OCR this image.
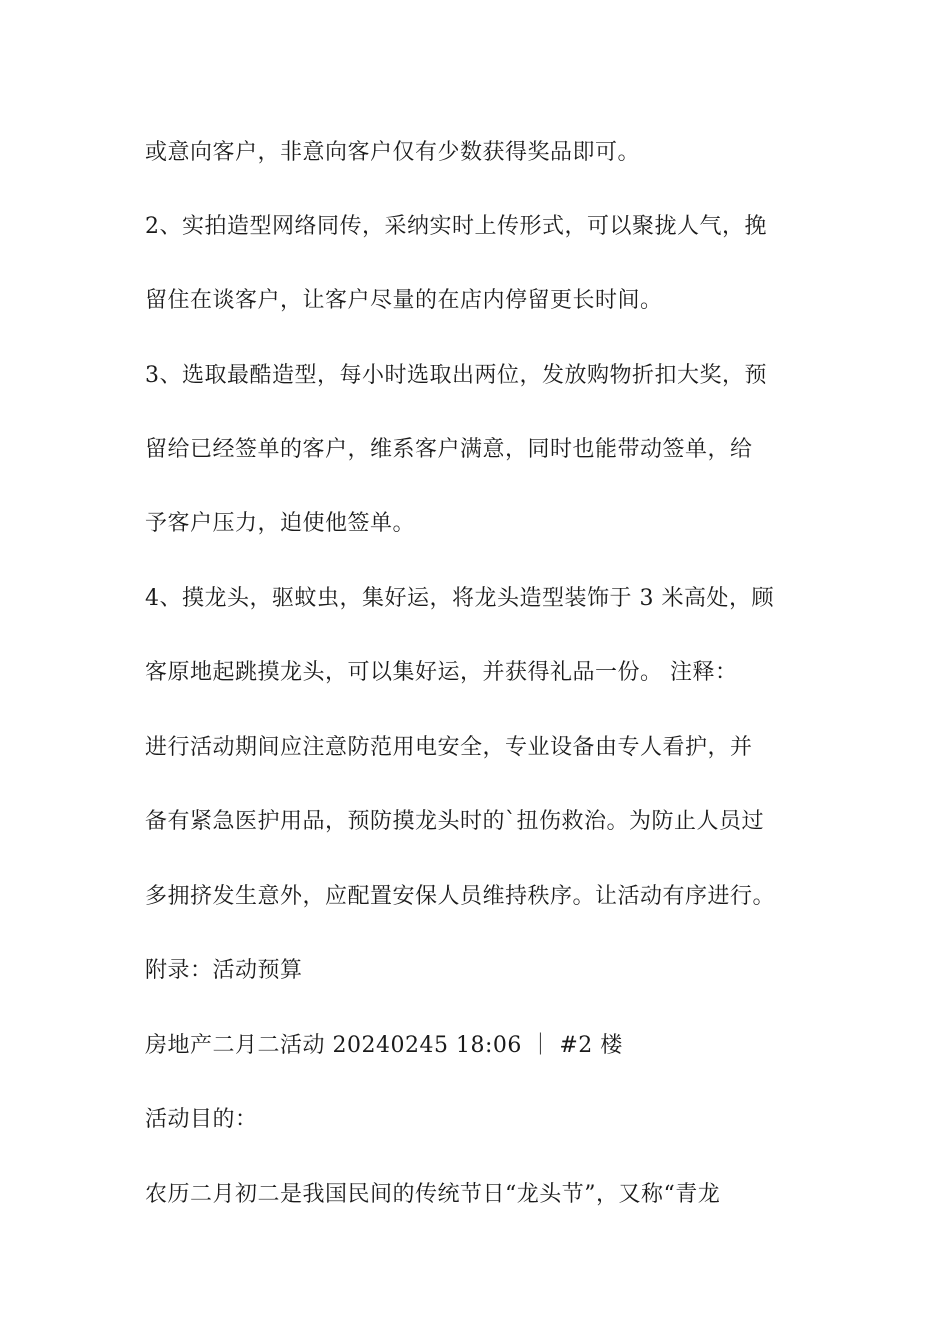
或意向客户，非意向客户仅有少数获得奖品即可。
2、实拍造型网络同传，采纳实时上传形式，可以聚拢人气，挽
留住在谈客户，让客户尽量的在店内停留更长时间。
3、选取最酷造型，每小时选取出两位，发放购物折扣大奖，预
留给已经签单的客户，维系客户满意，同时也能带动签单，给
予客户压力，迫使他签单。
4、摸龙头，驱蚊虫，集好运，将龙头造型装饰于 3 米高处，顾
客原地起跳摸龙头，可以集好运，并获得礼品一份。 注释：
进行活动期间应注意防范用电安全，专业设备由专人看护，并
备有紧急医护用品，预防摸龙头时的`扭伤救治。为防止人员过
多拥挤发生意外，应配置安保人员维持秩序。让活动有序进行。
附录：活动预算
房地产二月二活动 20240245 18:06 ｜ #2 楼
活动目的：
农历二月初二是我国民间的传统节日“龙头节”，又称“青龙
